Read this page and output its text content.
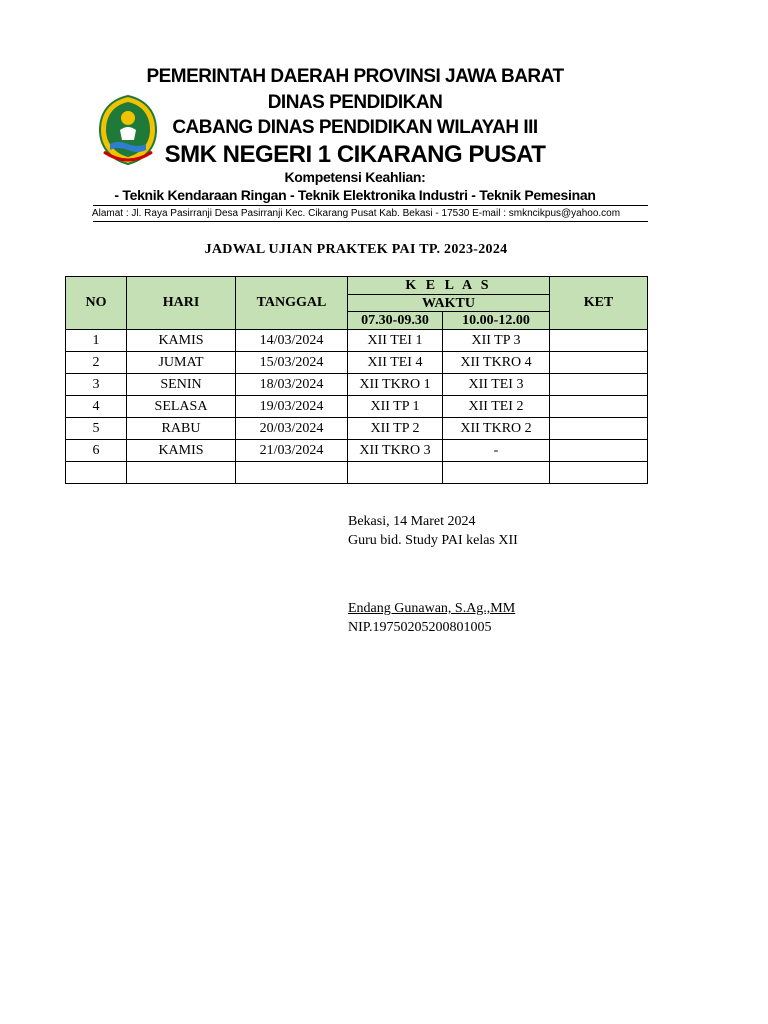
PEMERINTAH DAERAH PROVINSI JAWA BARAT
DINAS PENDIDIKAN
CABANG DINAS PENDIDIKAN WILAYAH III
SMK NEGERI 1 CIKARANG PUSAT
Kompetensi Keahlian:
- Teknik Kendaraan Ringan - Teknik Elektronika Industri - Teknik Pemesinan
Alamat : Jl. Raya Pasirranji Desa Pasirranji Kec. Cikarang Pusat Kab. Bekasi - 17530 E-mail : smkncikpus@yahoo.com
JADWAL UJIAN PRAKTEK PAI TP. 2023-2024
NO	HARI	TANGGAL	K E L A S		KET
			WAKTU		
			07.30-09.30	10.00-12.00	
1	KAMIS	14/03/2024	XII TEI 1	XII TP 3	
2	JUMAT	15/03/2024	XII TEI 4	XII TKRO 4	
3	SENIN	18/03/2024	XII TKRO 1	XII TEI 3	
4	SELASA	19/03/2024	XII TP 1	XII TEI 2	
5	RABU	20/03/2024	XII TP 2	XII TKRO 2	
6	KAMIS	21/03/2024	XII TKRO 3	-	

Bekasi, 14 Maret 2024
Guru bid. Study PAI kelas XII
Endang Gunawan, S.Ag.,MM
NIP.19750205200801005
